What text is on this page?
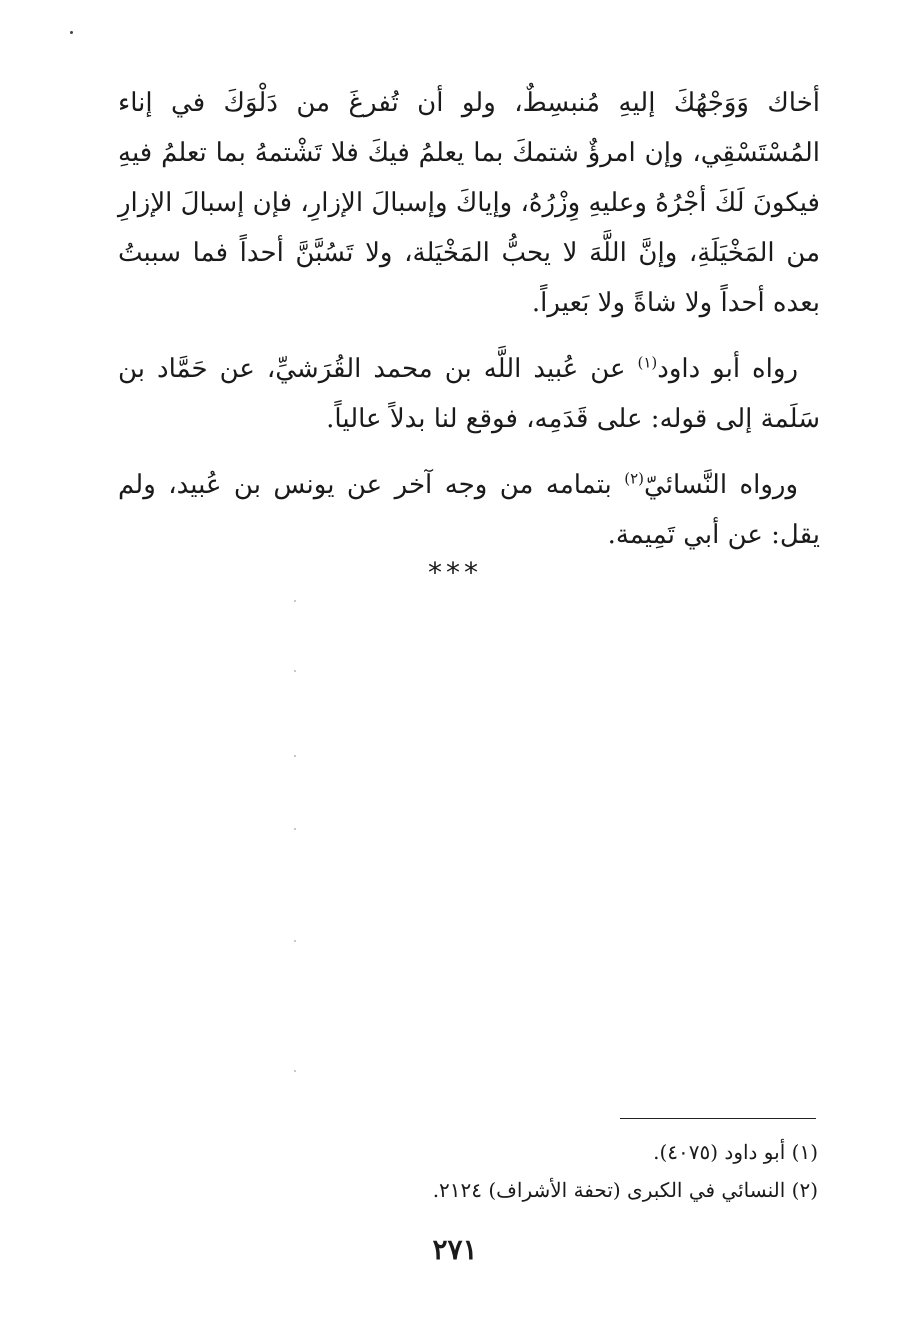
أخاك وَوَجْهُكَ إليهِ مُنبسِطٌ، ولو أن تُفرغَ من دَلْوَكَ في إناء المُسْتَسْقِي، وإن امرؤٌ شتمكَ بما يعلمُ فيكَ فلا تَشْتمهُ بما تعلمُ فيهِ فيكونَ لَكَ أجْرُهُ وعليهِ وِزْرُهُ، وإياكَ وإسبالَ الإزارِ، فإن إسبالَ الإزارِ من المَخْيَلَةِ، وإنَّ اللَّهَ لا يحبُّ المَخْيَلة، ولا تَسُبَّنَّ أحداً فما سببتُ بعده أحداً ولا شاةً ولا بَعيراً.

رواه أبو داود$^{(١)}$ عن عُبيد اللَّه بن محمد القُرَشيِّ، عن حَمَّاد بن سَلَمة إلى قوله: على قَدَمِه، فوقع لنا بدلاً عالياً.

ورواه النَّسائيّ$^{(٢)}$ بتمامه من وجه آخر عن يونس بن عُبيد، ولم يقل: عن أبي تَمِيمة.

***

(١) أبو داود (٤٠٧٥).

(٢) النسائي في الكبرى (تحفة الأشراف) ٢١٢٤.

٢٧١
